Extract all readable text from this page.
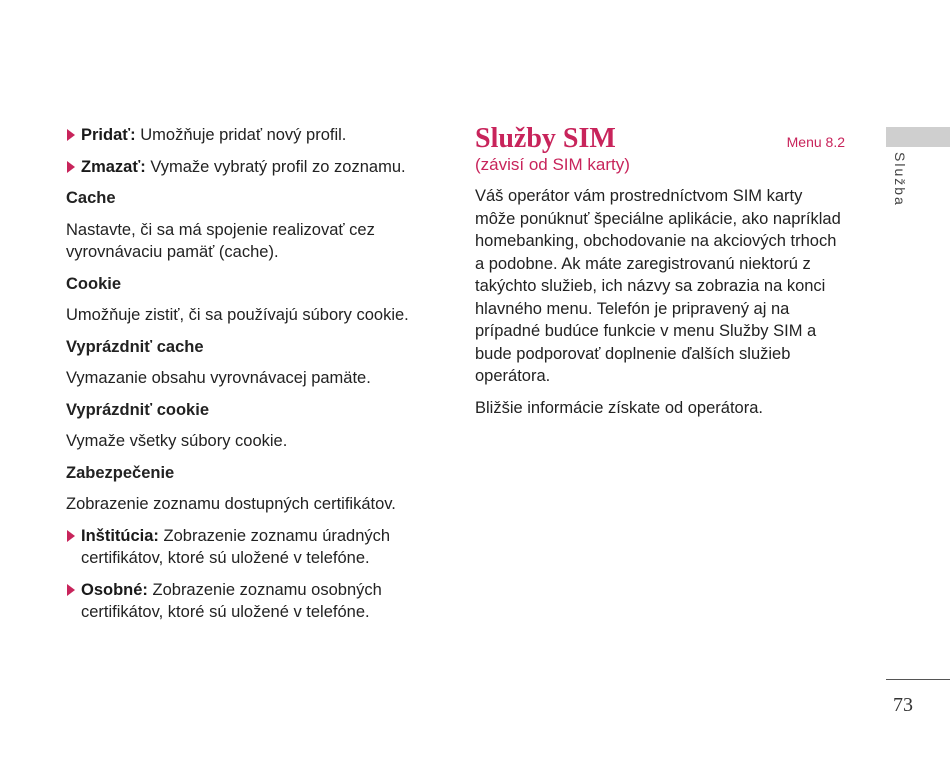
Pridať: Umožňuje pridať nový profil.

Zmazať: Vymaže vybratý profil zo zoznamu.

Cache

Nastavte, či sa má spojenie realizovať cez vyrovnávaciu pamäť (cache).

Cookie

Umožňuje zistiť, či sa používajú súbory cookie.

Vyprázdniť cache

Vymazanie obsahu vyrovnávacej pamäte.

Vyprázdniť cookie

Vymaže všetky súbory cookie.

Zabezpečenie

Zobrazenie zoznamu dostupných certifikátov.

Inštitúcia: Zobrazenie zoznamu úradných certifikátov, ktoré sú uložené v telefóne.

Osobné: Zobrazenie zoznamu osobných certifikátov, ktoré sú uložené v telefóne.

Služby SIM	Menu 8.2

(závisí od SIM karty)

Váš operátor vám prostredníctvom SIM karty môže ponúknuť špeciálne aplikácie, ako napríklad homebanking, obchodovanie na akciových trhoch a podobne. Ak máte zaregistrovanú niektorú z takýchto služieb, ich názvy sa zobrazia na konci hlavného menu. Telefón je pripravený aj na prípadné budúce funkcie v menu Služby SIM a bude podporovať doplnenie ďalších služieb operátora.

Bližšie informácie získate od operátora.

Služba
73
